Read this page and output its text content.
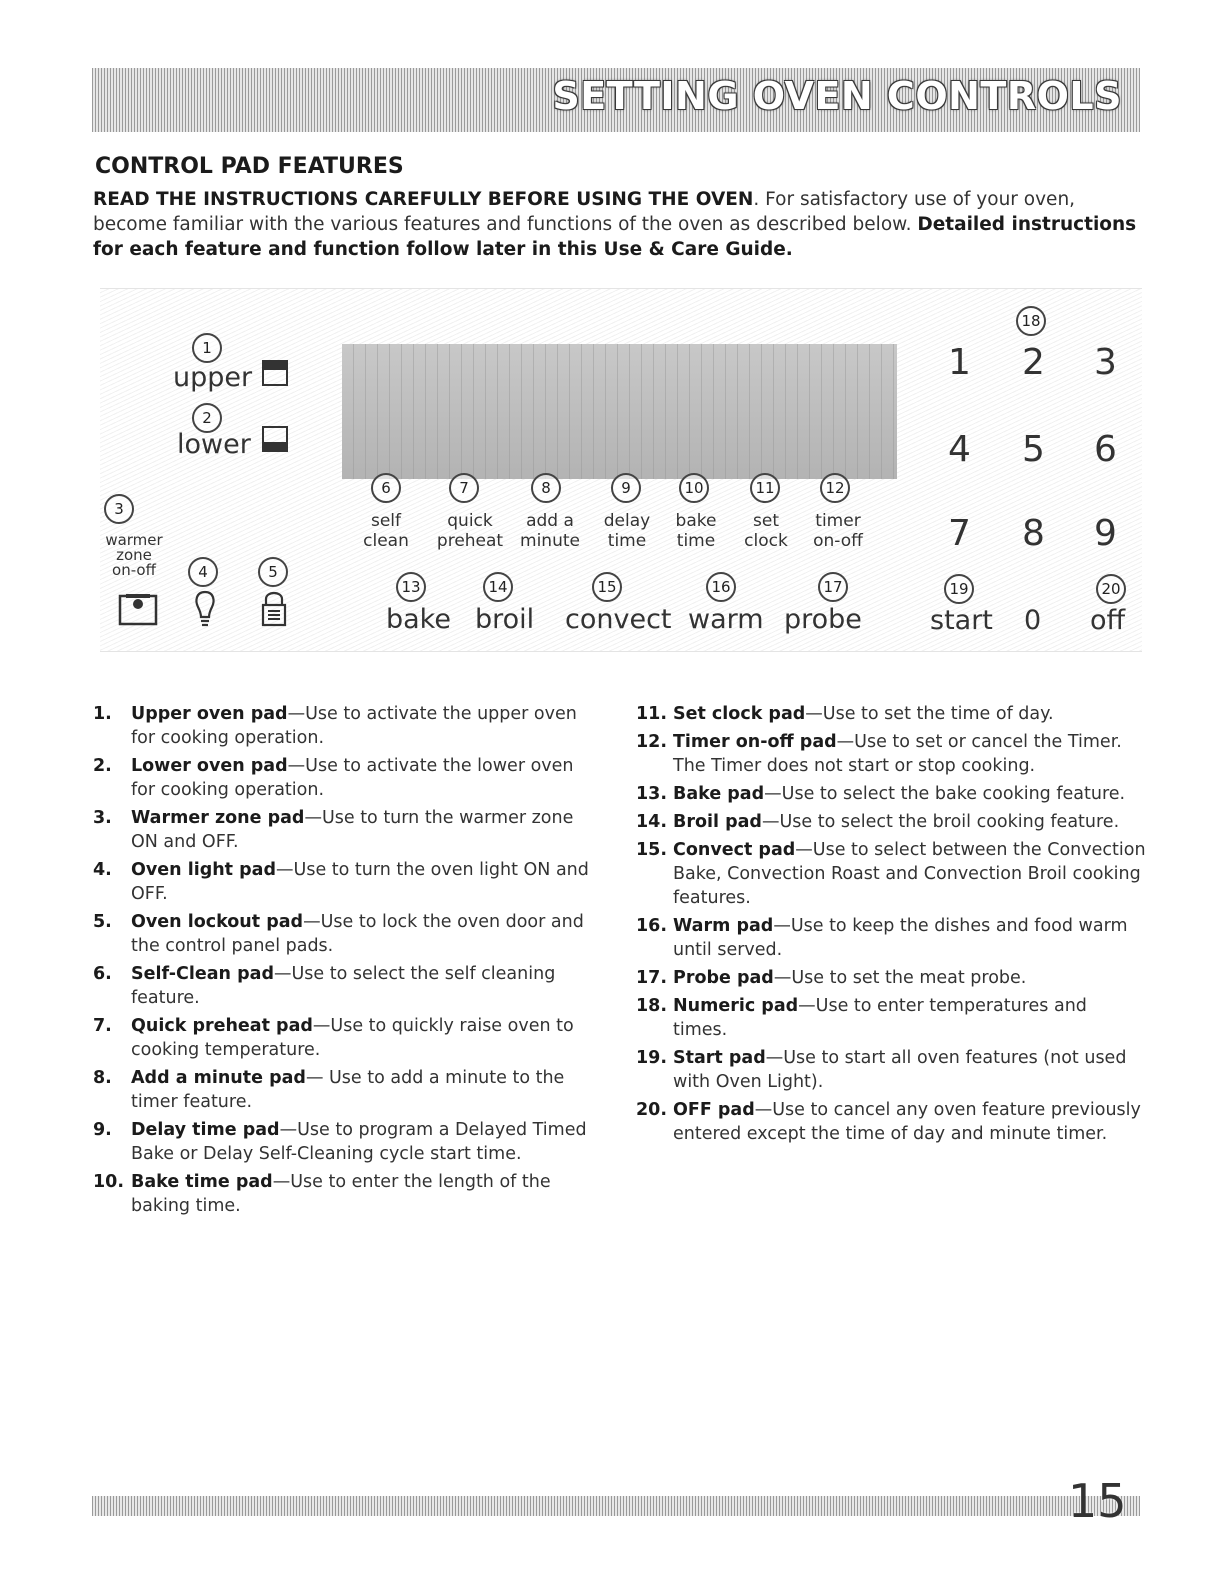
SETTING OVEN CONTROLS
CONTROL PAD FEATURES

READ THE INSTRUCTIONS CAREFULLY BEFORE USING THE OVEN. For satisfactory use of your oven, become familiar with the various features and functions of the oven as described below. Detailed instructions for each feature and function follow later in this Use & Care Guide.

1
upper
2
lower
3
warmer
zone
on-off	4	5
6	7	8	9	10	11	12
self
clean
quick
preheat
add a
minute
delay
time
bake
time
set
clock
timer
on-off
13	14	15	16	17
bake broil convect warm probe
18
1 2 3
4 5 6
7 8 9
19	20
start 0 off
1. Upper oven pad—Use to activate the upper oven for cooking operation.
2. Lower oven pad—Use to activate the lower oven for cooking operation.
3. Warmer zone pad—Use to turn the warmer zone ON and OFF.
4. Oven light pad—Use to turn the oven light ON and OFF.
5. Oven lockout pad—Use to lock the oven door and the control panel pads.
6. Self-Clean pad—Use to select the self cleaning feature.
7. Quick preheat pad—Use to quickly raise oven to cooking temperature.
8. Add a minute pad— Use to add a minute to the timer feature.
9. Delay time pad—Use to program a Delayed Timed Bake or Delay Self-Cleaning cycle start time.
10. Bake time pad—Use to enter the length of the baking time.
11. Set clock pad—Use to set the time of day.
12. Timer on-off pad—Use to set or cancel the Timer. The Timer does not start or stop cooking.
13. Bake pad—Use to select the bake cooking feature.
14. Broil pad—Use to select the broil cooking feature.
15. Convect pad—Use to select between the Convection Bake, Convection Roast and Convection Broil cooking features.
16. Warm pad—Use to keep the dishes and food warm until served.
17. Probe pad—Use to set the meat probe.
18. Numeric pad—Use to enter temperatures and times.
19. Start pad—Use to start all oven features (not used with Oven Light).
20. OFF pad—Use to cancel any oven feature previously entered except the time of day and minute timer.
15
